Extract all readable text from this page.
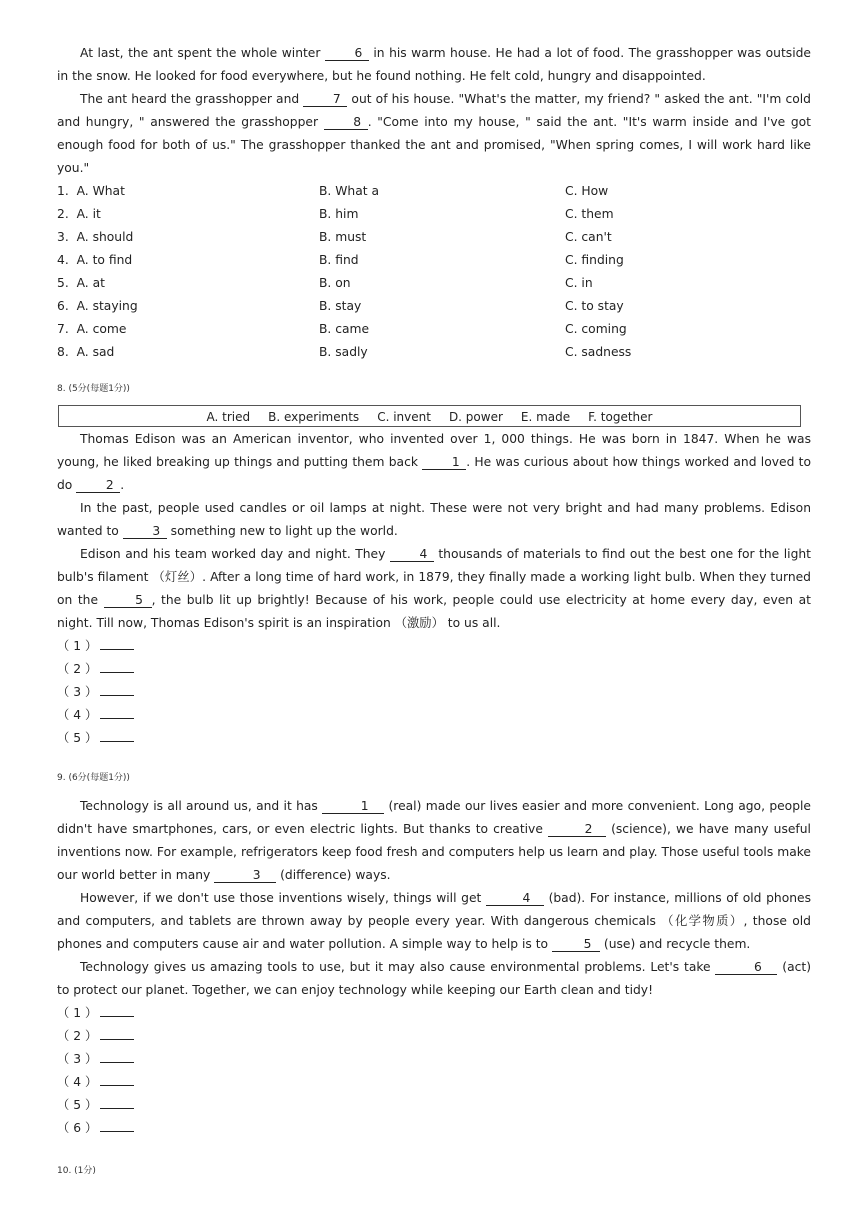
At last, the ant spent the whole winter 6 in his warm house. He had a lot of food. The grasshopper was outside in the snow. He looked for food everywhere, but he found nothing. He felt cold, hungry and disappointed.

The ant heard the grasshopper and 7 out of his house. "What's the matter, my friend? " asked the ant. "I'm cold and hungry, " answered the grasshopper 8 . "Come into my house, " said the ant. "It's warm inside and I've got enough food for both of us." The grasshopper thanked the ant and promised, "When spring comes, I will work hard like you."

1. A. What	B. What a	C. How
2. A. it	B. him	C. them
3. A. should	B. must	C. can't
4. A. to find	B. find	C. finding
5. A. at	B. on	C. in
6. A. staying	B. stay	C. to stay
7. A. come	B. came	C. coming
8. A. sad	B. sadly	C. sadness
8. (5分(每题1分))
A. tried B. experiments C. invent D. power E. made F. together

Thomas Edison was an American inventor, who invented over 1, 000 things. He was born in 1847. When he was young, he liked breaking up things and putting them back 1 . He was curious about how things worked and loved to do 2 .

In the past, people used candles or oil lamps at night. These were not very bright and had many problems. Edison wanted to 3 something new to light up the world.

Edison and his team worked day and night. They 4 thousands of materials to find out the best one for the light bulb's filament （灯丝）. After a long time of hard work, in 1879, they finally made a working light bulb. When they turned on the	5 , the bulb lit up brightly! Because of his work, people could use electricity at home every day, even at night. Till now, Thomas Edison's spirit is an inspiration （激励） to us all.

（ 1 ）
（ 2 ）
（ 3 ）
（ 4 ）
（ 5 ）
9. (6分(每题1分))

Technology is all around us, and it has	1 (real) made our lives easier and more convenient. Long ago, people didn't have smartphones, cars, or even electric lights. But thanks to creative	2 (science), we have many useful inventions now. For example, refrigerators keep food fresh and computers help us learn and play. Those useful tools make our world better in many	3 (difference) ways.

However, if we don't use those inventions wisely, things will get	4 (bad). For instance, millions of old phones and computers, and tablets are thrown away by people every year. With dangerous chemicals （化学物质）, those old phones and computers cause air and water pollution. A simple way to help is to	5 (use) and recycle them.

Technology gives us amazing tools to use, but it may also cause environmental problems. Let's take	6 (act) to protect our planet. Together, we can enjoy technology while keeping our Earth clean and tidy!

（ 1 ）
（ 2 ）
（ 3 ）
（ 4 ）
（ 5 ）
（ 6 ）
10. (1分)
